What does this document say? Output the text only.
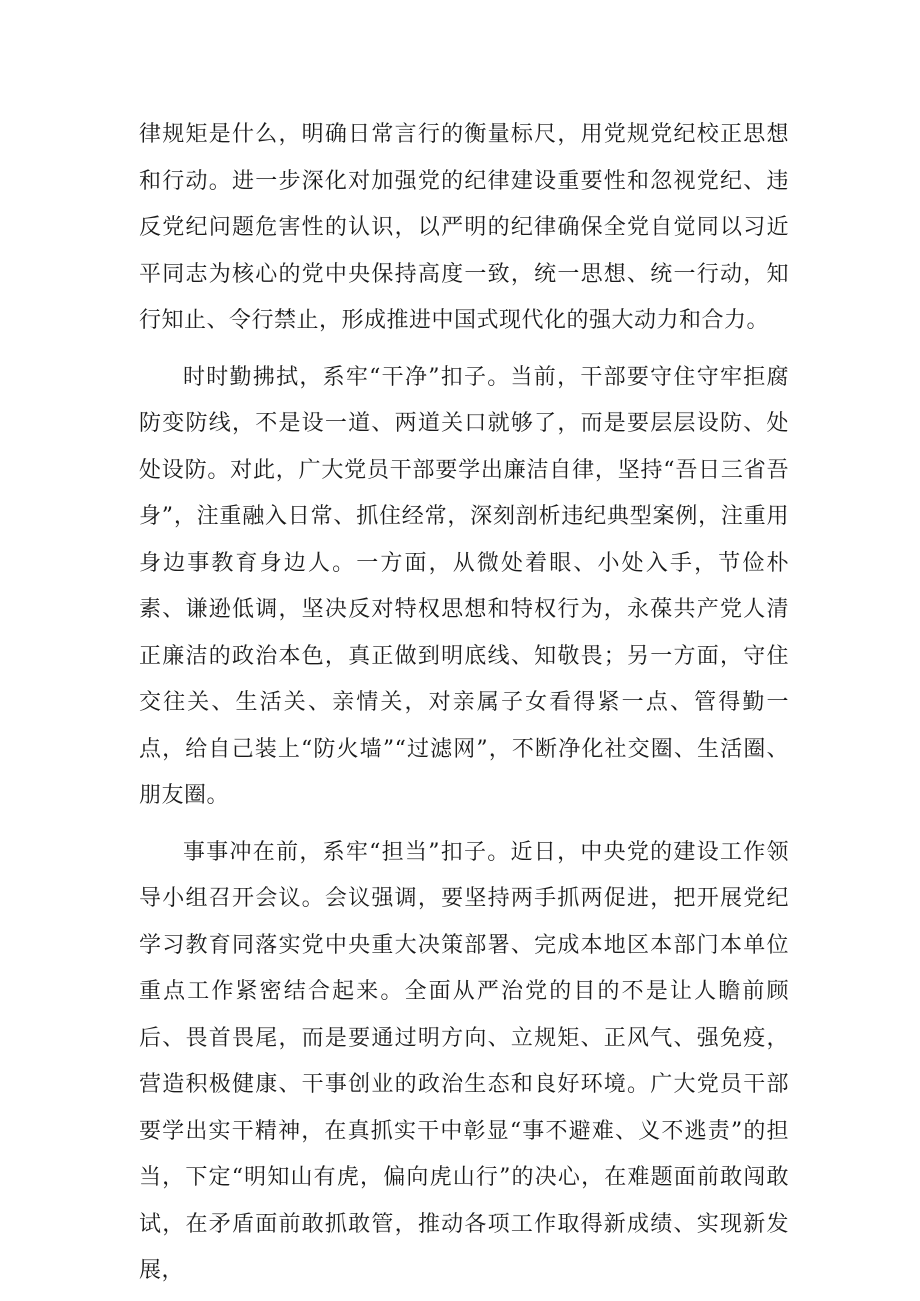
律规矩是什么，明确日常言行的衡量标尺，用党规党纪校正思想和行动。进一步深化对加强党的纪律建设重要性和忽视党纪、违反党纪问题危害性的认识，以严明的纪律确保全党自觉同以习近平同志为核心的党中央保持高度一致，统一思想、统一行动，知行知止、令行禁止，形成推进中国式现代化的强大动力和合力。

时时勤拂拭，系牢“干净”扣子。当前，干部要守住守牢拒腐防变防线，不是设一道、两道关口就够了，而是要层层设防、处处设防。对此，广大党员干部要学出廉洁自律，坚持“吾日三省吾身”，注重融入日常、抓住经常，深刻剖析违纪典型案例，注重用身边事教育身边人。一方面，从微处着眼、小处入手，节俭朴素、谦逊低调，坚决反对特权思想和特权行为，永葆共产党人清正廉洁的政治本色，真正做到明底线、知敬畏；另一方面，守住交往关、生活关、亲情关，对亲属子女看得紧一点、管得勤一点，给自己装上“防火墙”“过滤网”，不断净化社交圈、生活圈、朋友圈。

事事冲在前，系牢“担当”扣子。近日，中央党的建设工作领导小组召开会议。会议强调，要坚持两手抓两促进，把开展党纪学习教育同落实党中央重大决策部署、完成本地区本部门本单位重点工作紧密结合起来。全面从严治党的目的不是让人瞻前顾后、畏首畏尾，而是要通过明方向、立规矩、正风气、强免疫，营造积极健康、干事创业的政治生态和良好环境。广大党员干部要学出实干精神，在真抓实干中彰显“事不避难、义不逃责”的担当，下定“明知山有虎，偏向虎山行”的决心，在难题面前敢闯敢试，在矛盾面前敢抓敢管，推动各项工作取得新成绩、实现新发展，
